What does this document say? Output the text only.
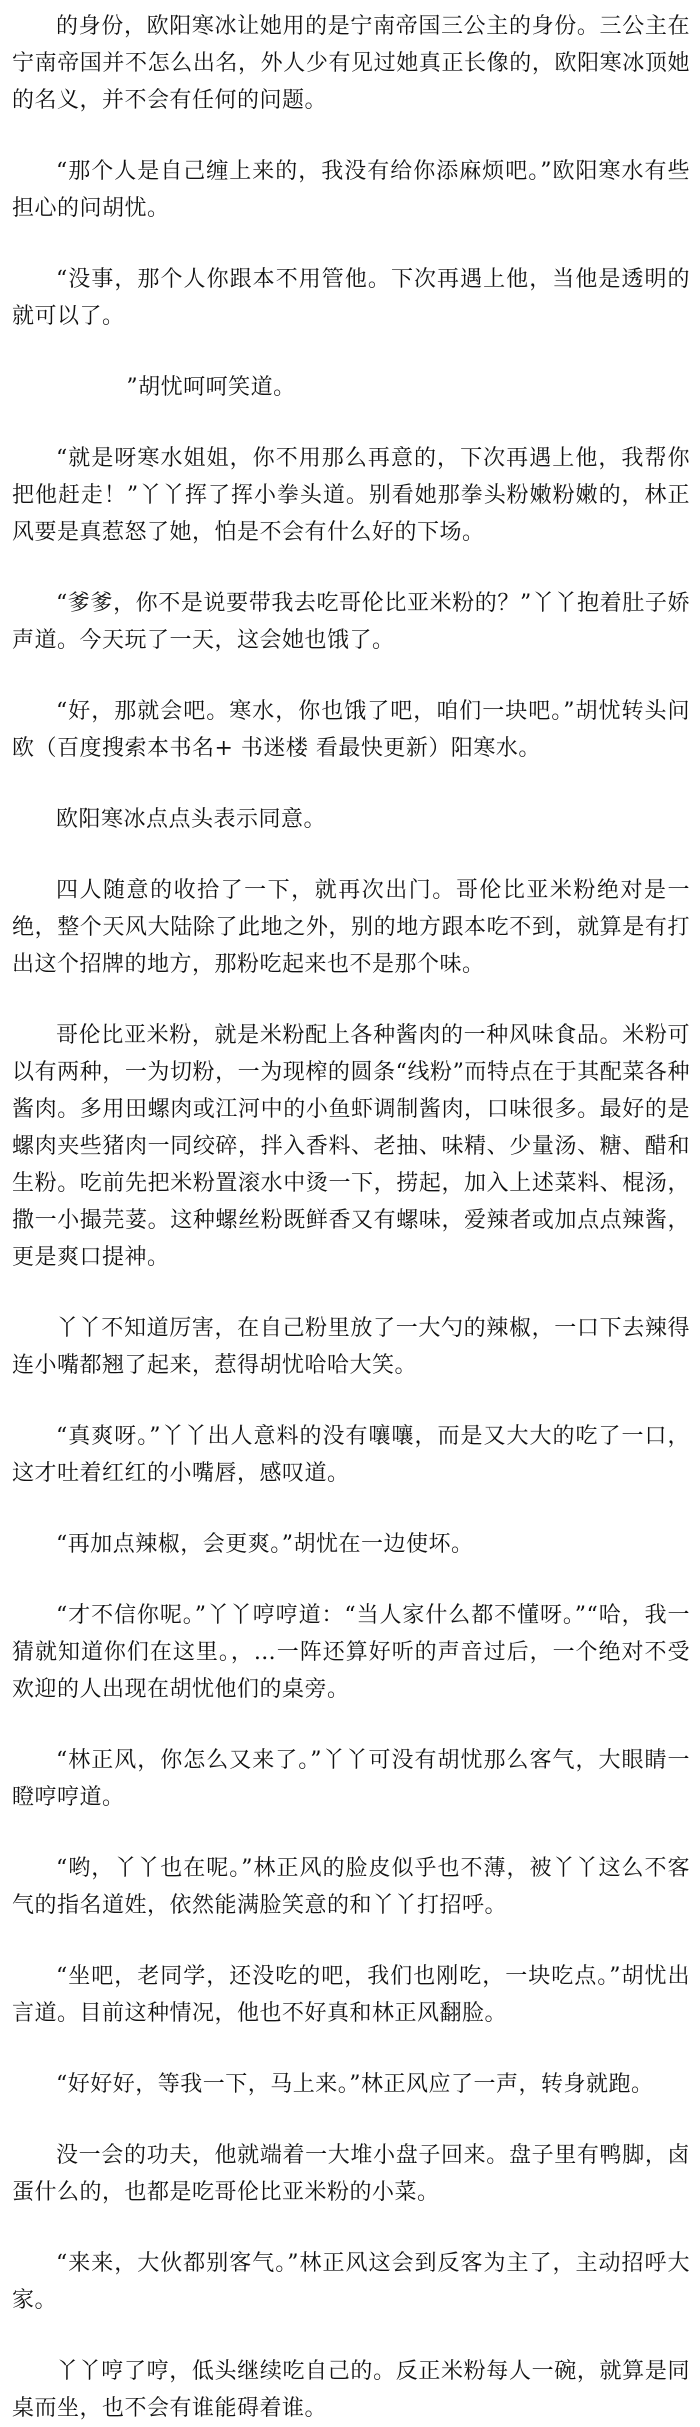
的身份，欧阳寒冰让她用的是宁南帝国三公主的身份。三公主在宁南帝国并不怎么出名，外人少有见过她真正长像的，欧阳寒冰顶她的名义，并不会有任何的问题。

“那个人是自己缠上来的，我没有给你添麻烦吧。”欧阳寒水有些担心的问胡忧。

“没事，那个人你跟本不用管他。下次再遇上他，当他是透明的就可以了。

”胡忧呵呵笑道。

“就是呀寒水姐姐，你不用那么再意的，下次再遇上他，我帮你把他赶走！”丫丫挥了挥小拳头道。别看她那拳头粉嫩粉嫩的，林正风要是真惹怒了她，怕是不会有什么好的下场。

“爹爹，你不是说要带我去吃哥伦比亚米粉的？”丫丫抱着肚子娇声道。今天玩了一天，这会她也饿了。

“好，那就会吧。寒水，你也饿了吧，咱们一块吧。”胡忧转头问欧（百度搜索本书名+ 书迷楼 看最快更新）阳寒水。

欧阳寒冰点点头表示同意。

四人随意的收拾了一下，就再次出门。哥伦比亚米粉绝对是一绝，整个天风大陆除了此地之外，别的地方跟本吃不到，就算是有打出这个招牌的地方，那粉吃起来也不是那个味。

哥伦比亚米粉，就是米粉配上各种酱肉的一种风味食品。米粉可以有两种，一为切粉，一为现榨的圆条“线粉”而特点在于其配菜各种酱肉。多用田螺肉或江河中的小鱼虾调制酱肉，口味很多。最好的是螺肉夹些猪肉一同绞碎，拌入香料、老抽、味精、少量汤、糖、醋和生粉。吃前先把米粉置滚水中烫一下，捞起，加入上述菜料、棍汤，撒一小撮芫荽。这种螺丝粉既鲜香又有螺味，爱辣者或加点点辣酱，更是爽口提神。

丫丫不知道厉害，在自己粉里放了一大勺的辣椒，一口下去辣得连小嘴都翘了起来，惹得胡忧哈哈大笑。

“真爽呀。”丫丫出人意料的没有嚷嚷，而是又大大的吃了一口，这才吐着红红的小嘴唇，感叹道。

“再加点辣椒，会更爽。”胡忧在一边使坏。

“才不信你呢。”丫丫哼哼道：“当人家什么都不懂呀。”“哈，我一猜就知道你们在这里。，…一阵还算好听的声音过后，一个绝对不受欢迎的人出现在胡忧他们的桌旁。

“林正风，你怎么又来了。”丫丫可没有胡忧那么客气，大眼睛一瞪哼哼道。

“哟，丫丫也在呢。”林正风的脸皮似乎也不薄，被丫丫这么不客气的指名道姓，依然能满脸笑意的和丫丫打招呼。

“坐吧，老同学，还没吃的吧，我们也刚吃，一块吃点。”胡忧出言道。目前这种情况，他也不好真和林正风翻脸。

“好好好，等我一下，马上来。”林正风应了一声，转身就跑。

没一会的功夫，他就端着一大堆小盘子回来。盘子里有鸭脚，卤蛋什么的，也都是吃哥伦比亚米粉的小菜。

“来来，大伙都别客气。”林正风这会到反客为主了，主动招呼大家。

丫丫哼了哼，低头继续吃自己的。反正米粉每人一碗，就算是同桌而坐，也不会有谁能碍着谁。
